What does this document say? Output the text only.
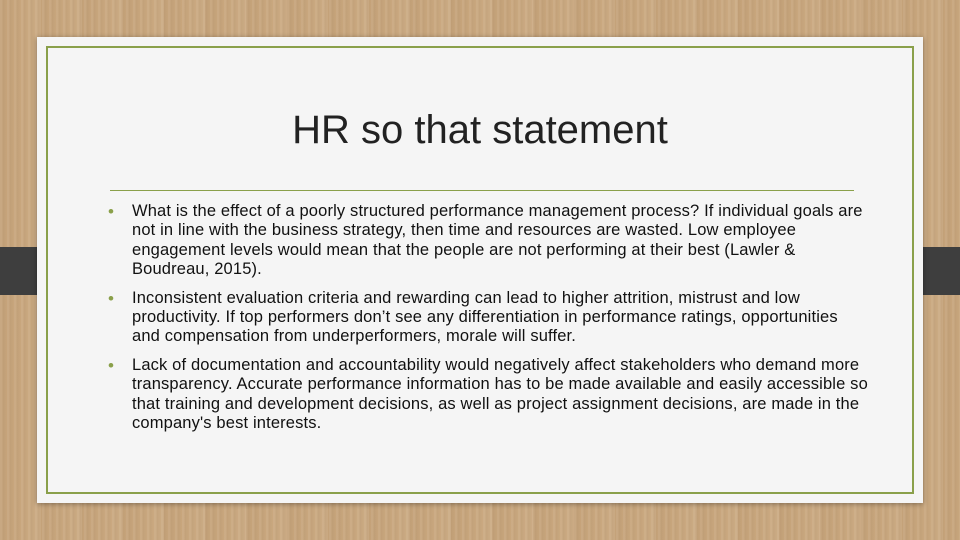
HR so that statement
• What is the effect of a poorly structured performance management process? If individual goals are not in line with the business strategy, then time and resources are wasted. Low employee engagement levels would mean that the people are not performing at their best (Lawler & Boudreau, 2015).
• Inconsistent evaluation criteria and rewarding can lead to higher attrition, mistrust and low productivity. If top performers don’t see any differentiation in performance ratings, opportunities and compensation from underperformers, morale will suffer.
• Lack of documentation and accountability would negatively affect stakeholders who demand more transparency. Accurate performance information has to be made available and easily accessible so that training and development decisions, as well as project assignment decisions, are made in the company's best interests.
